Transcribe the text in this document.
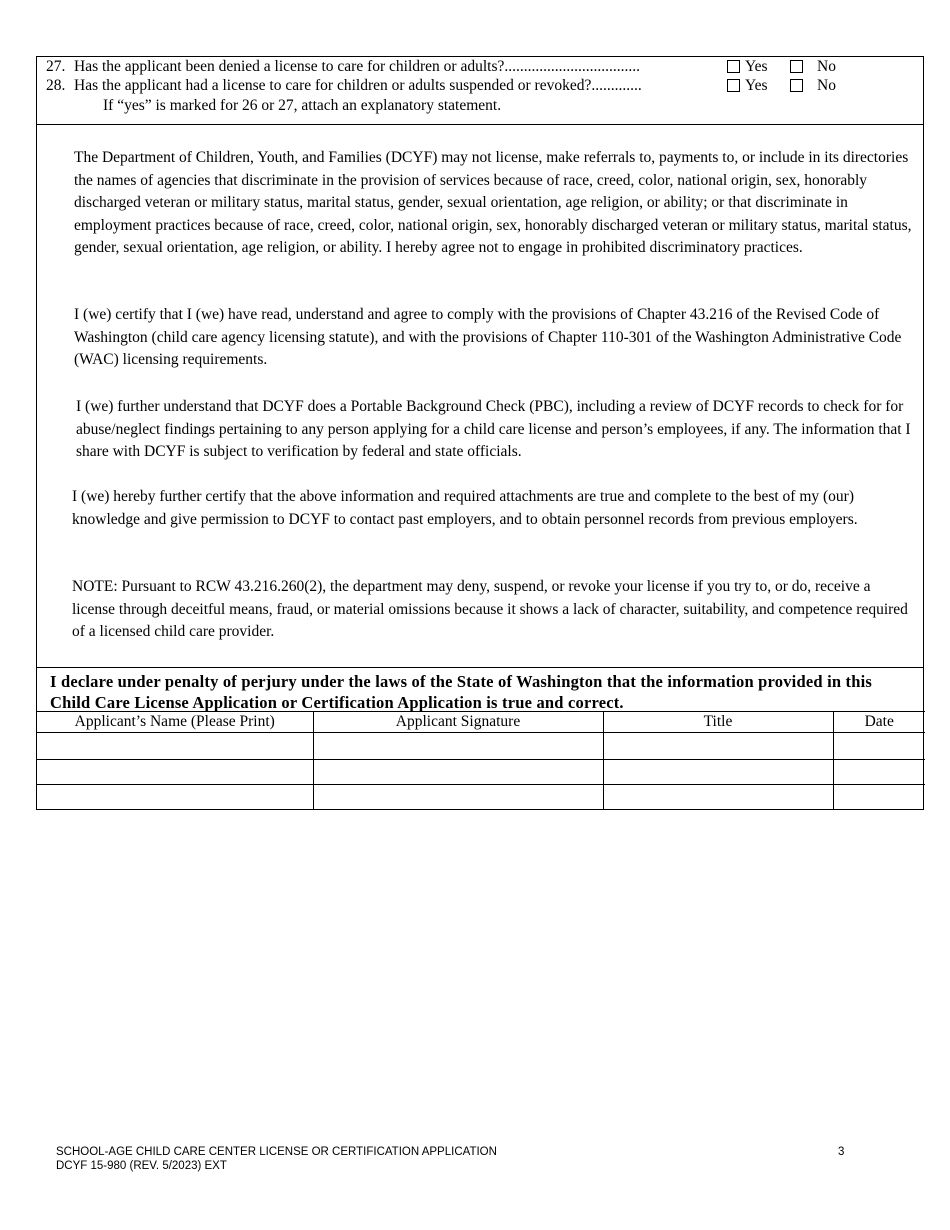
27. Has the applicant been denied a license to care for children or adults?...................................	Yes	No
28. Has the applicant had a license to care for children or adults suspended or revoked?.............	Yes	No
If “yes” is marked for 26 or 27, attach an explanatory statement.

The Department of Children, Youth, and Families (DCYF) may not license, make referrals to, payments to, or include in its directories the names of agencies that discriminate in the provision of services because of race, creed, color, national origin, sex, honorably discharged veteran or military status, marital status, gender, sexual orientation, age religion, or ability; or that discriminate in employment practices because of race, creed, color, national origin, sex, honorably discharged veteran or military status, marital status, gender, sexual orientation, age religion, or ability. I hereby agree not to engage in prohibited discriminatory practices.

I (we) certify that I (we) have read, understand and agree to comply with the provisions of Chapter 43.216 of the Revised Code of Washington (child care agency licensing statute), and with the provisions of Chapter 110-301 of the Washington Administrative Code (WAC) licensing requirements.

I (we) further understand that DCYF does a Portable Background Check (PBC), including a review of DCYF records to check for for abuse/neglect findings pertaining to any person applying for a child care license and person’s employees, if any. The information that I share with DCYF is subject to verification by federal and state officials.

I (we) hereby further certify that the above information and required attachments are true and complete to the best of my (our) knowledge and give permission to DCYF to contact past employers, and to obtain personnel records from previous employers.

NOTE: Pursuant to RCW 43.216.260(2), the department may deny, suspend, or revoke your license if you try to, or do, receive a license through deceitful means, fraud, or material omissions because it shows a lack of character, suitability, and competence required of a licensed child care provider.

I declare under penalty of perjury under the laws of the State of Washington that the information provided in this Child Care License Application or Certification Application is true and correct.
Applicant’s Name (Please Print)	Applicant Signature	Title	Date

SCHOOL-AGE CHILD CARE CENTER LICENSE OR CERTIFICATION APPLICATION
DCYF 15-980 (REV. 5/2023) EXT
3
